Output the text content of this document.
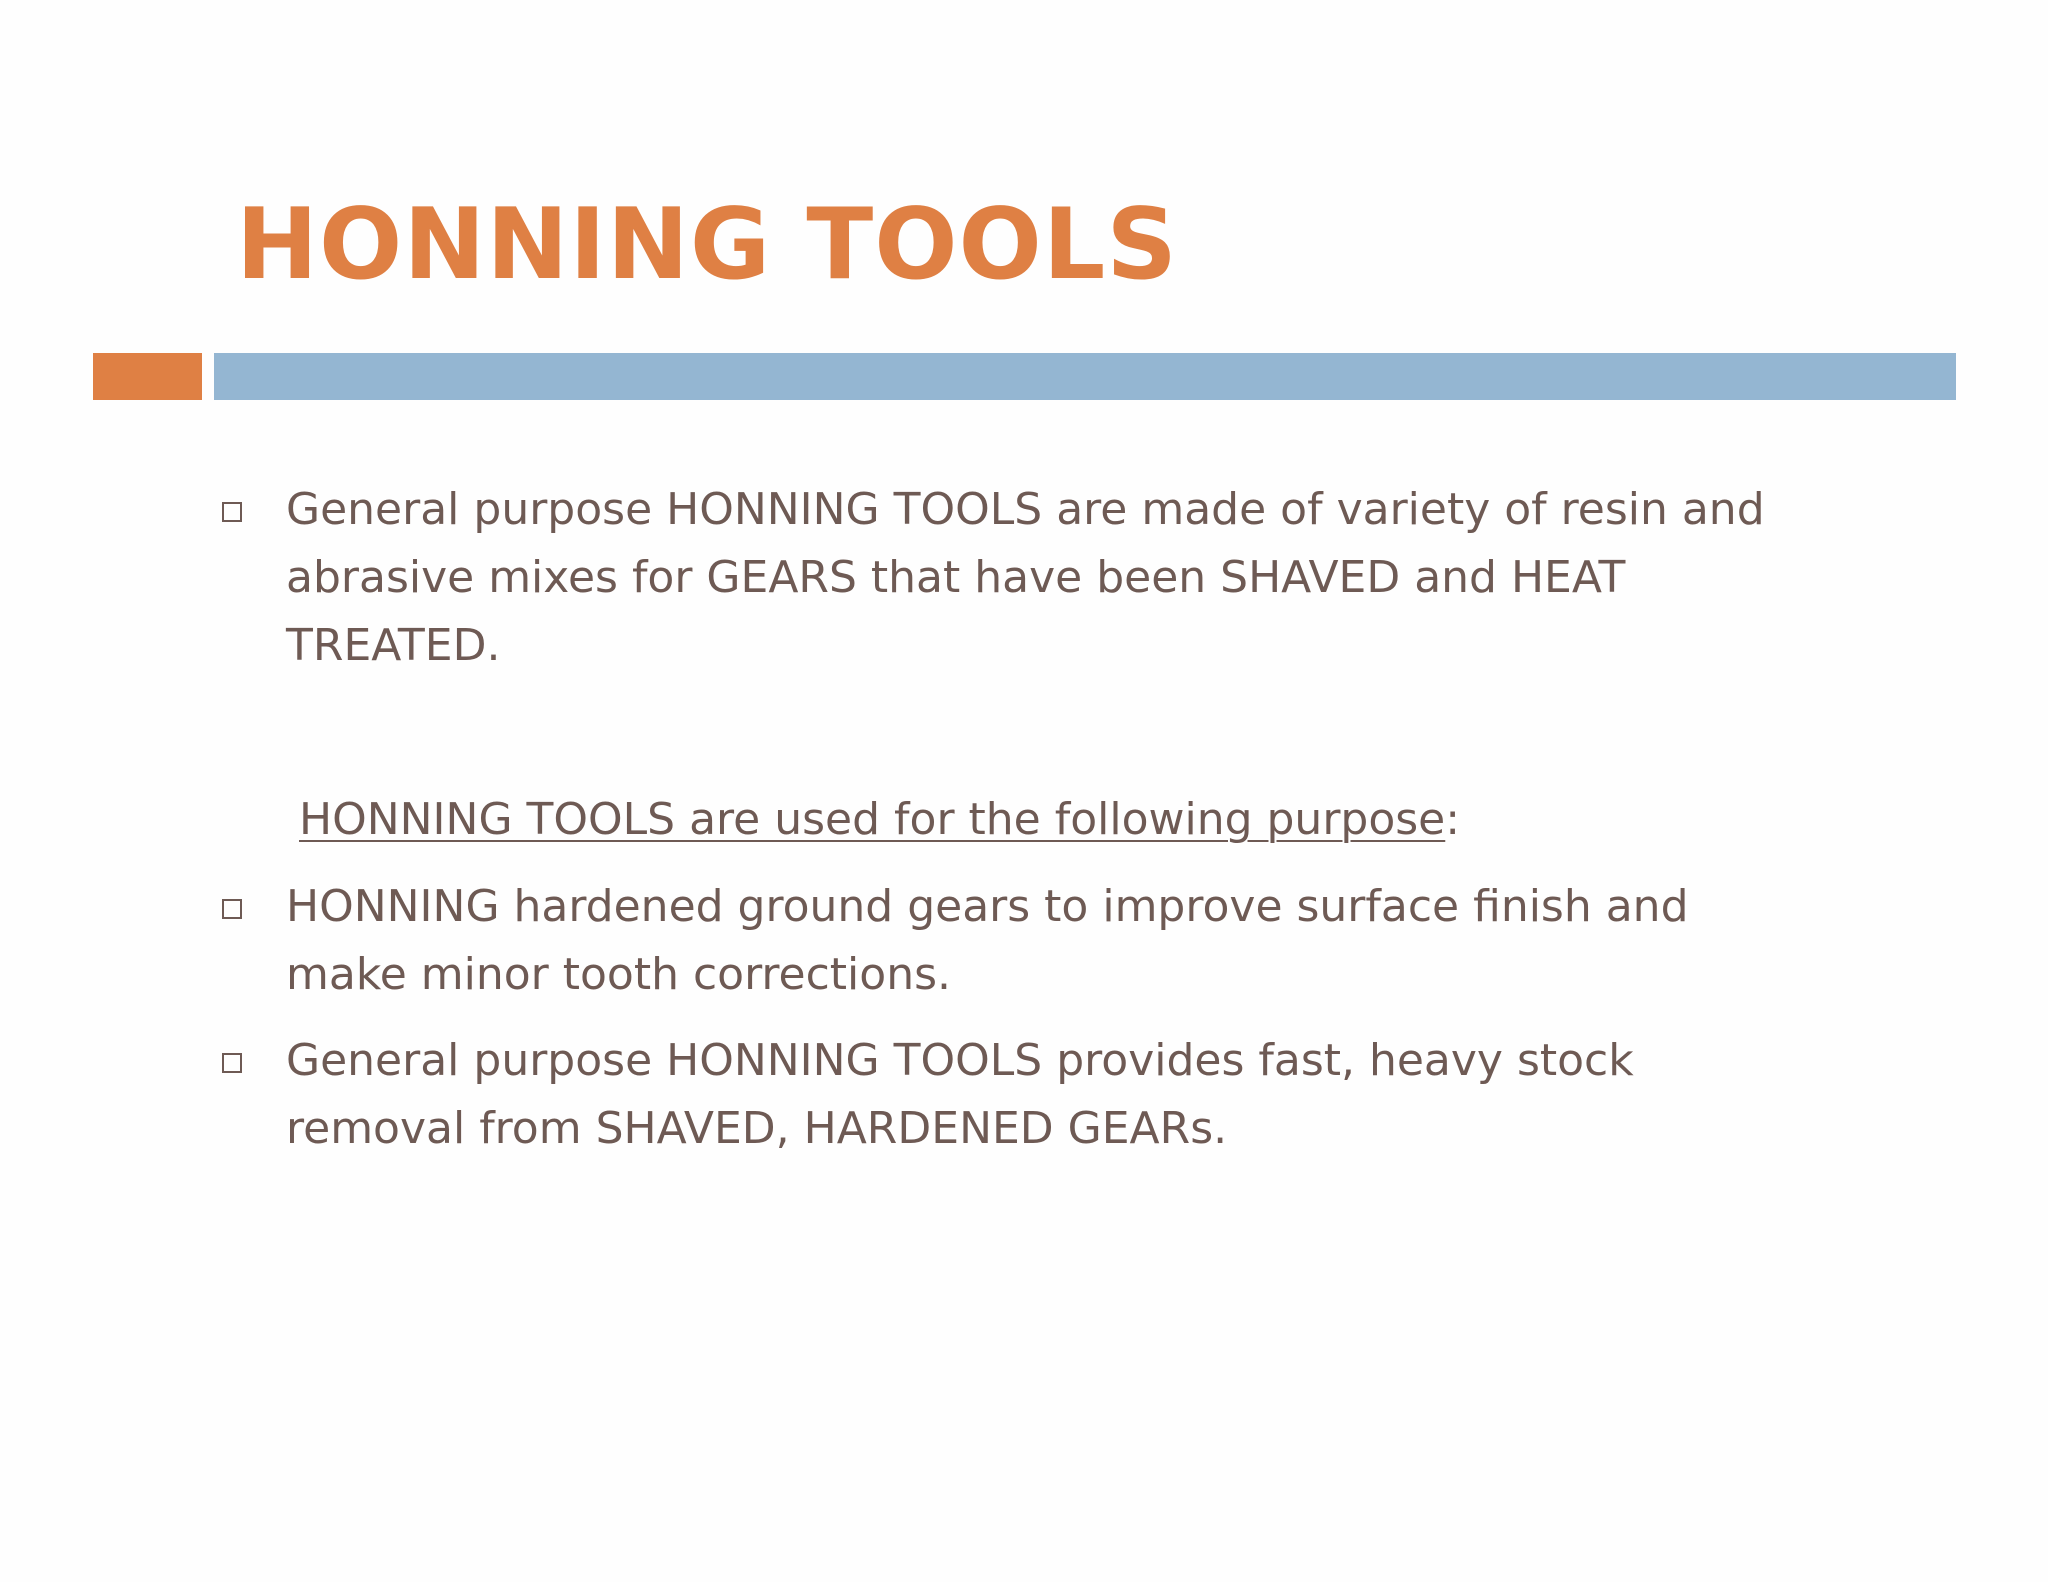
HONNING TOOLS

General purpose HONNING TOOLS are made of variety of resin and abrasive mixes for GEARS that have been SHAVED and HEAT TREATED.

HONNING TOOLS are used for the following purpose:

HONNING hardened ground gears to improve surface finish and make minor tooth corrections.

General purpose HONNING TOOLS provides fast, heavy stock removal from SHAVED, HARDENED GEARs.
